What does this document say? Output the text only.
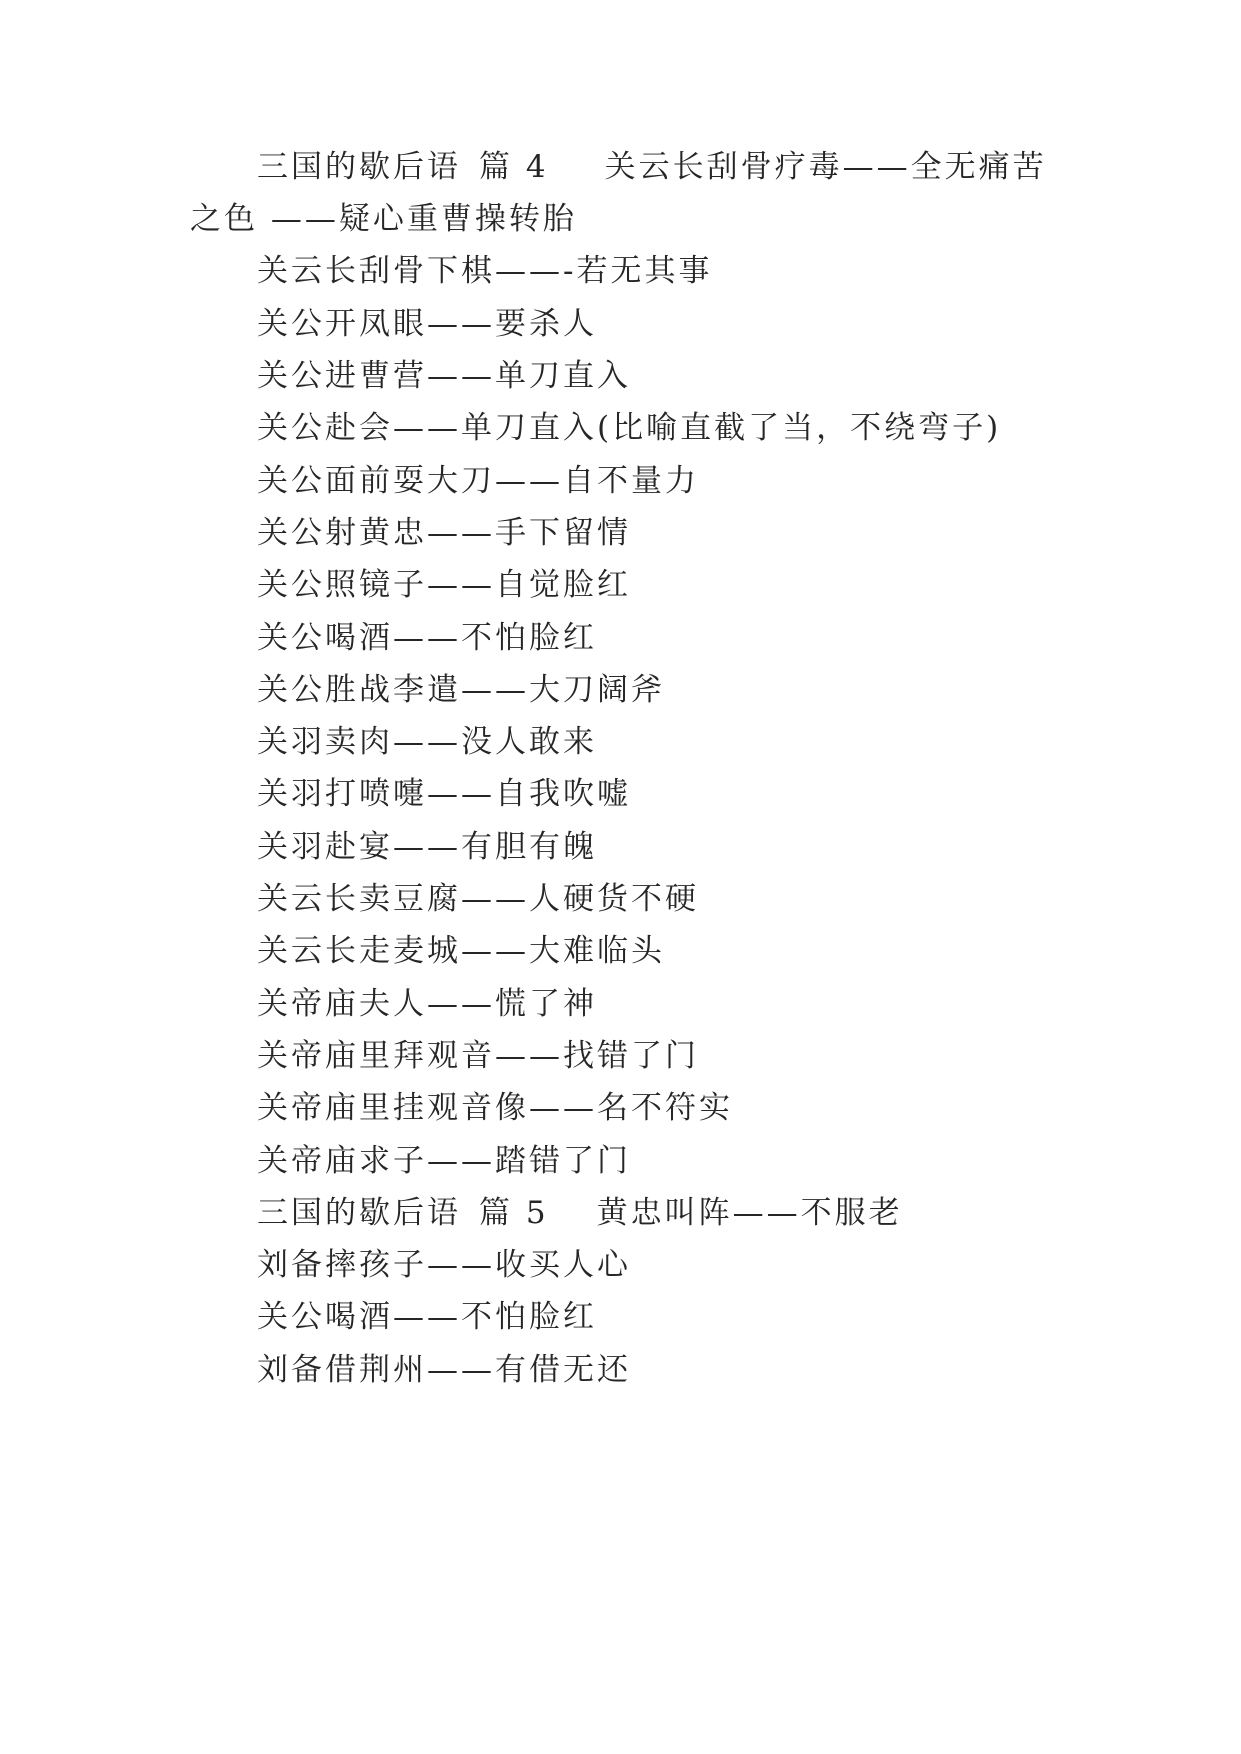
三国的歇后语 篇 4 关云长刮骨疗毒——全无痛苦
之色 ——疑心重曹操转胎
关云长刮骨下棋——-若无其事
关公开凤眼——要杀人
关公进曹营——单刀直入
关公赴会——单刀直入(比喻直截了当，不绕弯子)
关公面前耍大刀——自不量力
关公射黄忠——手下留情
关公照镜子——自觉脸红
关公喝酒——不怕脸红
关公胜战李遣——大刀阔斧
关羽卖肉——没人敢来
关羽打喷嚏——自我吹嘘
关羽赴宴——有胆有魄
关云长卖豆腐——人硬货不硬
关云长走麦城——大难临头
关帝庙夫人——慌了神
关帝庙里拜观音——找错了门
关帝庙里挂观音像——名不符实
关帝庙求子——踏错了门
三国的歇后语 篇 5 黄忠叫阵——不服老
刘备摔孩子——收买人心
关公喝酒——不怕脸红
刘备借荆州——有借无还
